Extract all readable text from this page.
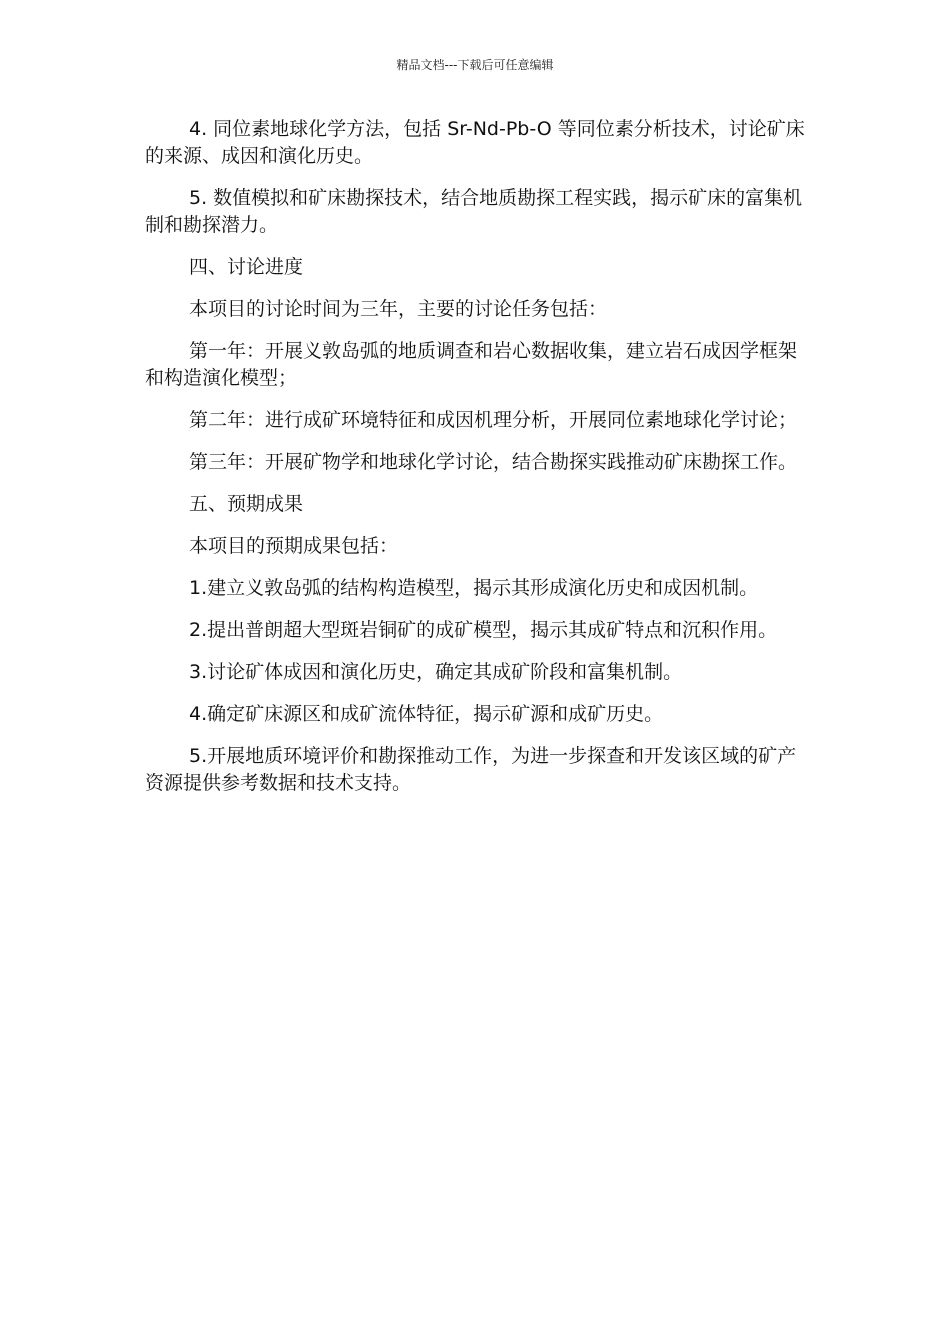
精品文档---下载后可任意编辑

4. 同位素地球化学方法，包括 Sr-Nd-Pb-O 等同位素分析技术，讨论矿床的来源、成因和演化历史。

5. 数值模拟和矿床勘探技术，结合地质勘探工程实践，揭示矿床的富集机制和勘探潜力。

四、讨论进度

本项目的讨论时间为三年，主要的讨论任务包括：

第一年：开展义敦岛弧的地质调查和岩心数据收集，建立岩石成因学框架和构造演化模型；

第二年：进行成矿环境特征和成因机理分析，开展同位素地球化学讨论；

第三年：开展矿物学和地球化学讨论，结合勘探实践推动矿床勘探工作。

五、预期成果

本项目的预期成果包括：

1.建立义敦岛弧的结构构造模型，揭示其形成演化历史和成因机制。

2.提出普朗超大型斑岩铜矿的成矿模型，揭示其成矿特点和沉积作用。

3.讨论矿体成因和演化历史，确定其成矿阶段和富集机制。

4.确定矿床源区和成矿流体特征，揭示矿源和成矿历史。

5.开展地质环境评价和勘探推动工作，为进一步探查和开发该区域的矿产资源提供参考数据和技术支持。
